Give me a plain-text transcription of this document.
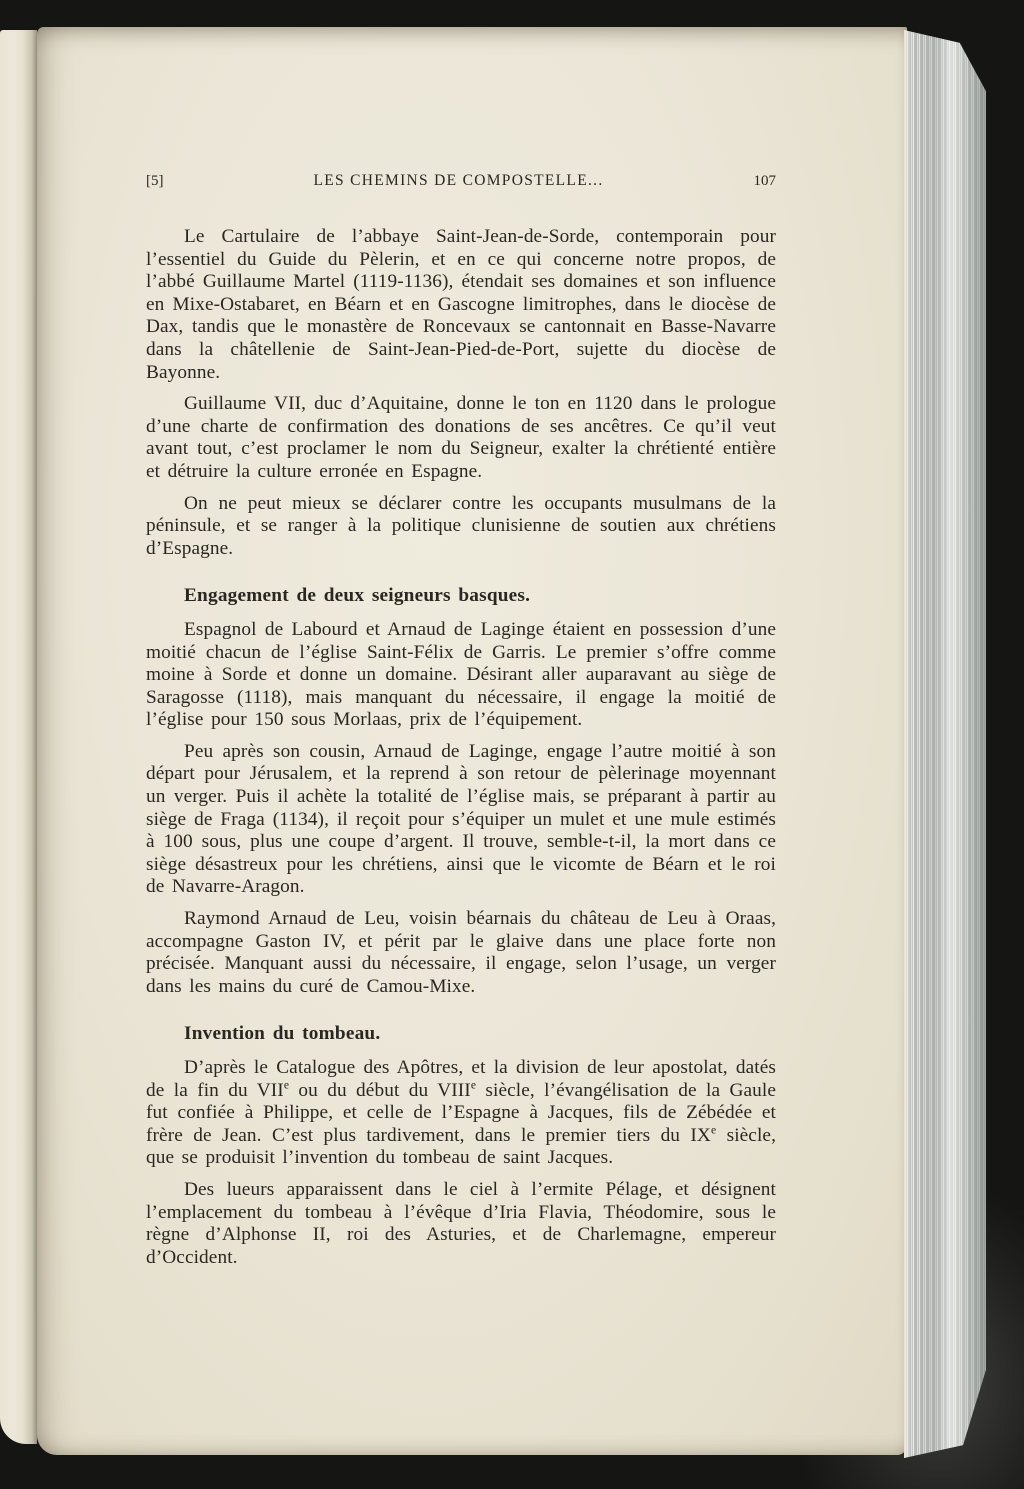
[5]	LES CHEMINS DE COMPOSTELLE...	107

Le Cartulaire de l’abbaye Saint-Jean-de-Sorde, contemporain pour l’essentiel du Guide du Pèlerin, et en ce qui concerne notre propos, de l’abbé Guillaume Martel (1119-1136), étendait ses domaines et son influence en Mixe-Ostabaret, en Béarn et en Gascogne limitrophes, dans le diocèse de Dax, tandis que le monastère de Roncevaux se cantonnait en Basse-Navarre dans la châtellenie de Saint-Jean-Pied-de-Port, sujette du diocèse de Bayonne.

Guillaume VII, duc d’Aquitaine, donne le ton en 1120 dans le prologue d’une charte de confirmation des donations de ses ancêtres. Ce qu’il veut avant tout, c’est proclamer le nom du Seigneur, exalter la chrétienté entière et détruire la culture erronée en Espagne.

On ne peut mieux se déclarer contre les occupants musulmans de la péninsule, et se ranger à la politique clunisienne de soutien aux chrétiens d’Espagne.

Engagement de deux seigneurs basques.

Espagnol de Labourd et Arnaud de Laginge étaient en possession d’une moitié chacun de l’église Saint-Félix de Garris. Le premier s’offre comme moine à Sorde et donne un domaine. Désirant aller auparavant au siège de Saragosse (1118), mais manquant du nécessaire, il engage la moitié de l’église pour 150 sous Morlaas, prix de l’équipement.

Peu après son cousin, Arnaud de Laginge, engage l’autre moitié à son départ pour Jérusalem, et la reprend à son retour de pèlerinage moyennant un verger. Puis il achète la totalité de l’église mais, se préparant à partir au siège de Fraga (1134), il reçoit pour s’équiper un mulet et une mule estimés à 100 sous, plus une coupe d’argent. Il trouve, semble-t-il, la mort dans ce siège désastreux pour les chrétiens, ainsi que le vicomte de Béarn et le roi de Navarre-Aragon.

Raymond Arnaud de Leu, voisin béarnais du château de Leu à Oraas, accompagne Gaston IV, et périt par le glaive dans une place forte non précisée. Manquant aussi du nécessaire, il engage, selon l’usage, un verger dans les mains du curé de Camou-Mixe.

Invention du tombeau.

D’après le Catalogue des Apôtres, et la division de leur apostolat, datés de la fin du VIIe ou du début du VIIIe siècle, l’évangélisation de la Gaule fut confiée à Philippe, et celle de l’Espagne à Jacques, fils de Zébédée et frère de Jean. C’est plus tardivement, dans le premier tiers du IXe siècle, que se produisit l’invention du tombeau de saint Jacques.

Des lueurs apparaissent dans le ciel à l’ermite Pélage, et désignent l’emplacement du tombeau à l’évêque d’Iria Flavia, Théodomire, sous le règne d’Alphonse II, roi des Asturies, et de Charlemagne, empereur d’Occident.
